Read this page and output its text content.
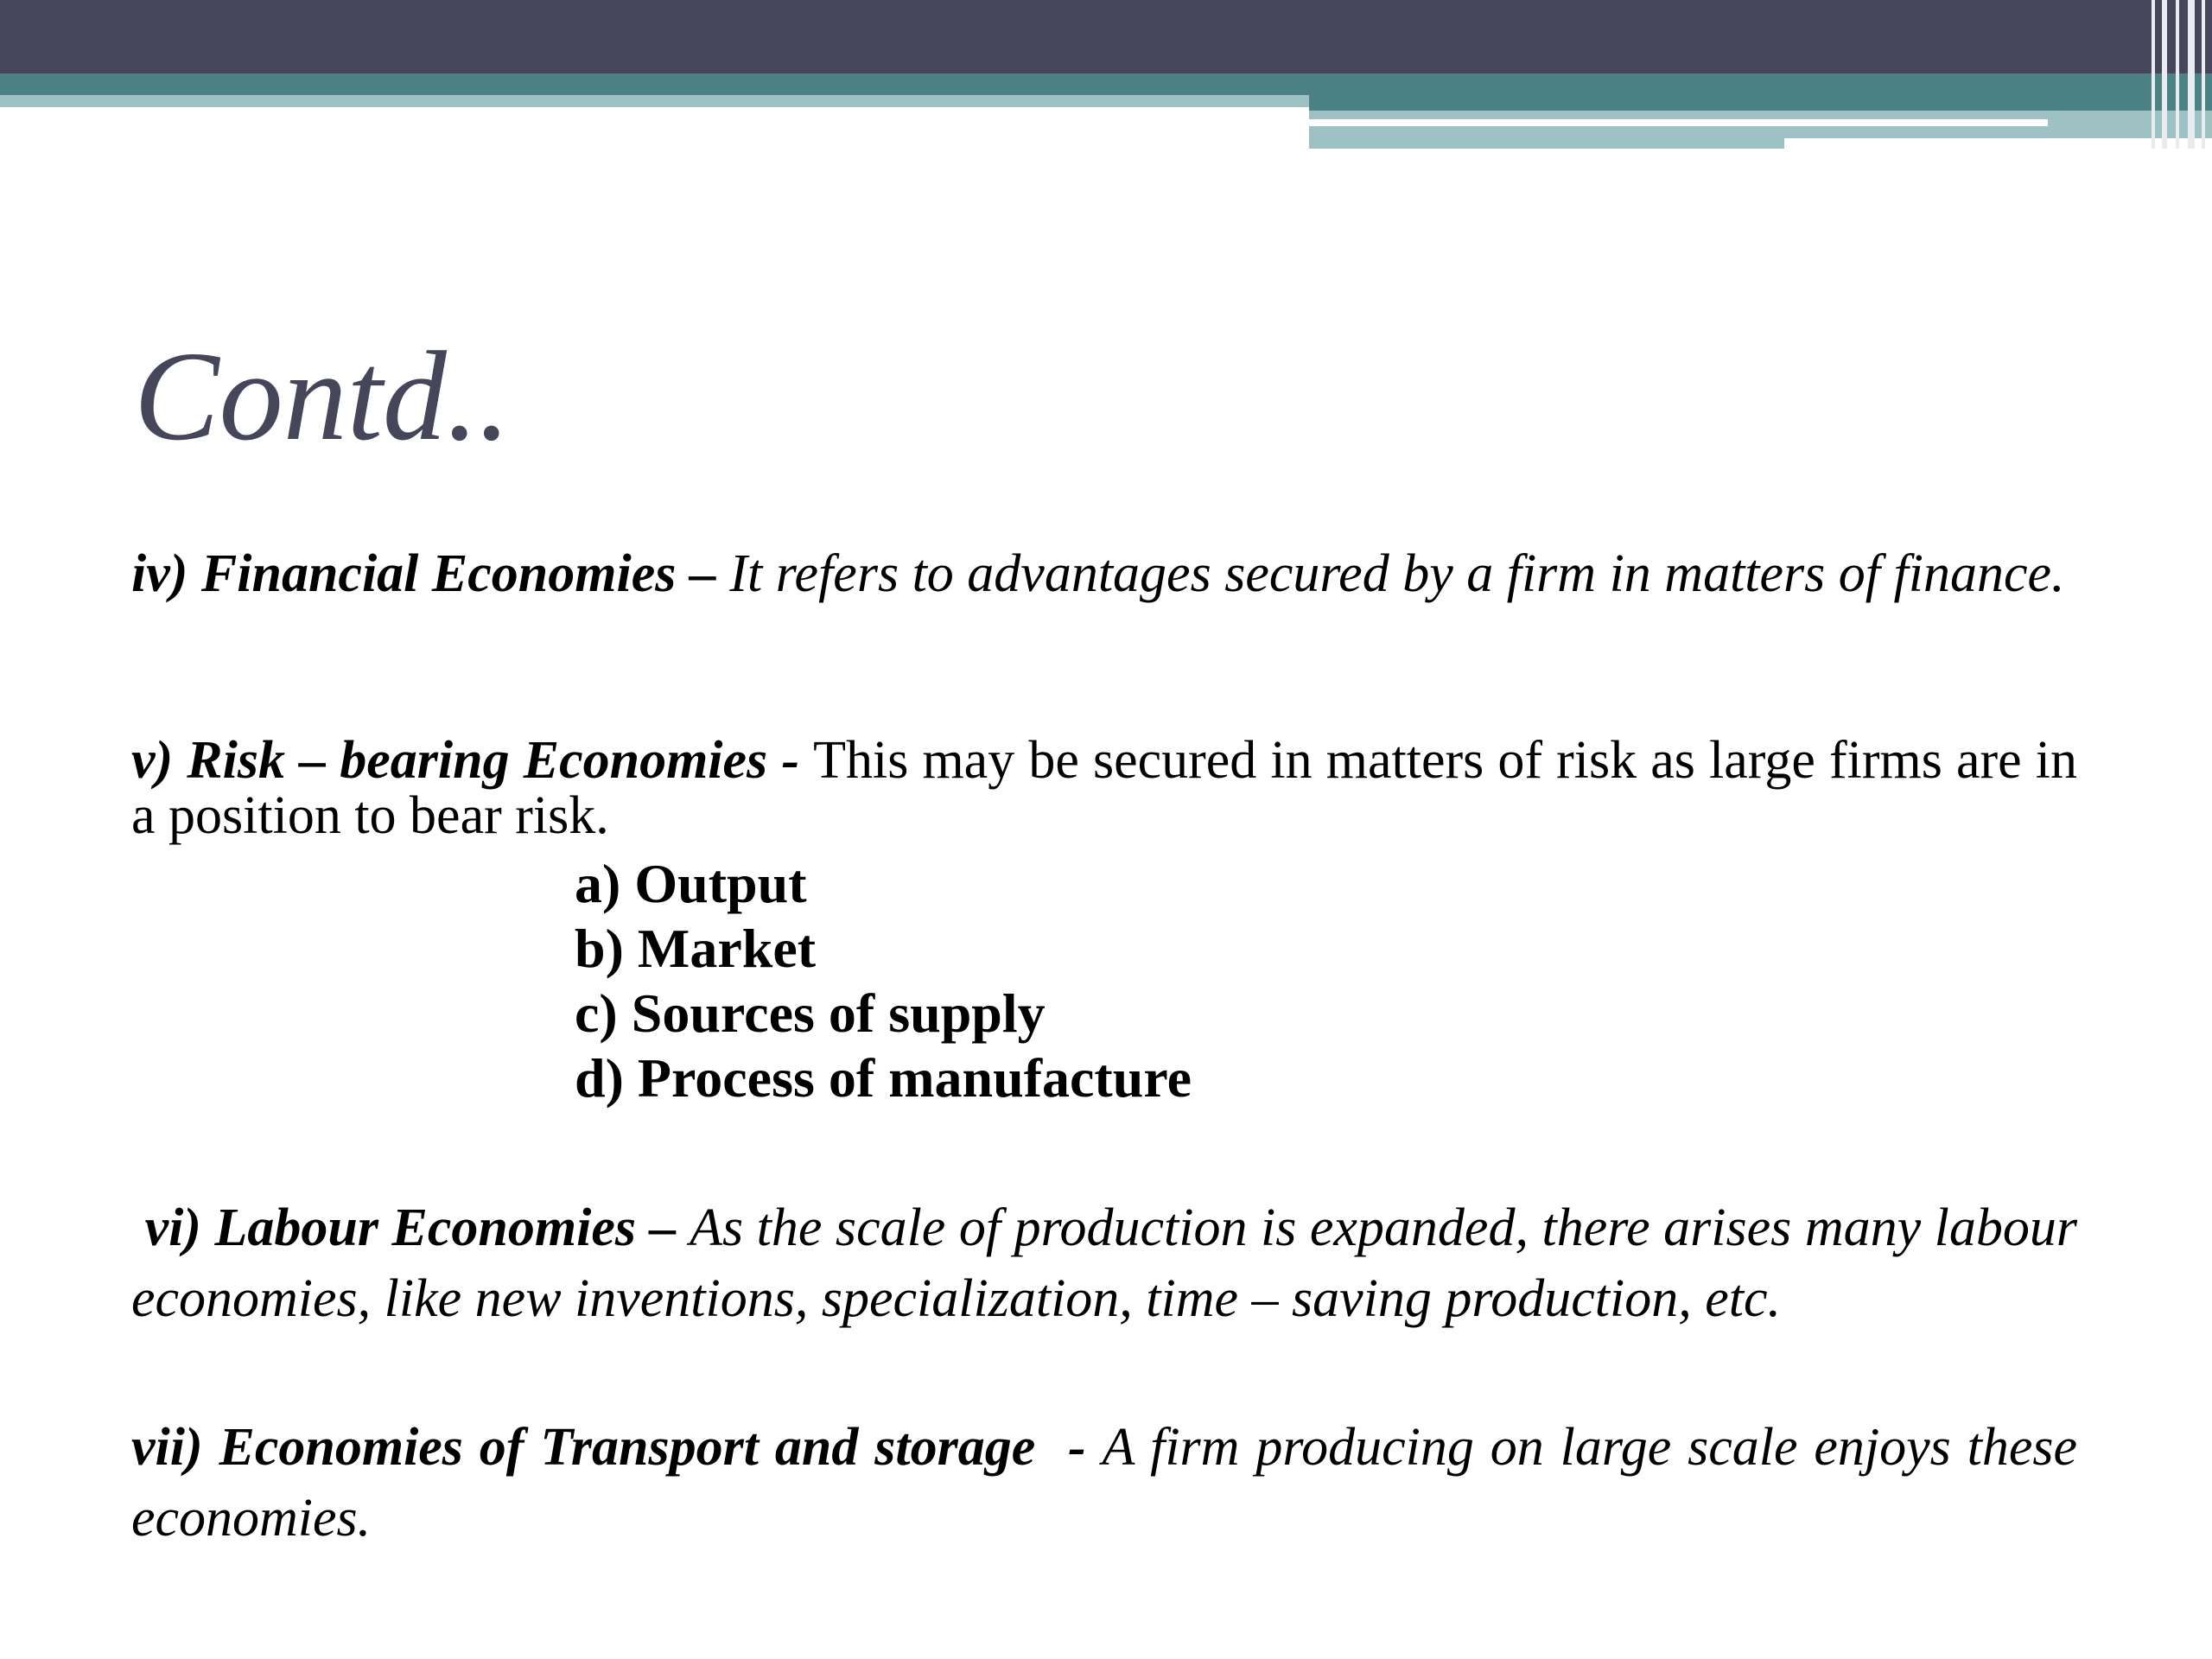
Contd..

iv) Financial Economies – It refers to advantages secured by a firm in matters of finance.

v) Risk – bearing Economies - This may be secured in matters of risk as large firms are in a position to bear risk.

a) Output
b) Market
c) Sources of supply
d) Process of manufacture

vi) Labour Economies – As the scale of production is expanded, there arises many labour economies, like new inventions, specialization, time – saving production, etc.

vii) Economies of Transport and storage  - A firm producing on large scale enjoys these economies.
